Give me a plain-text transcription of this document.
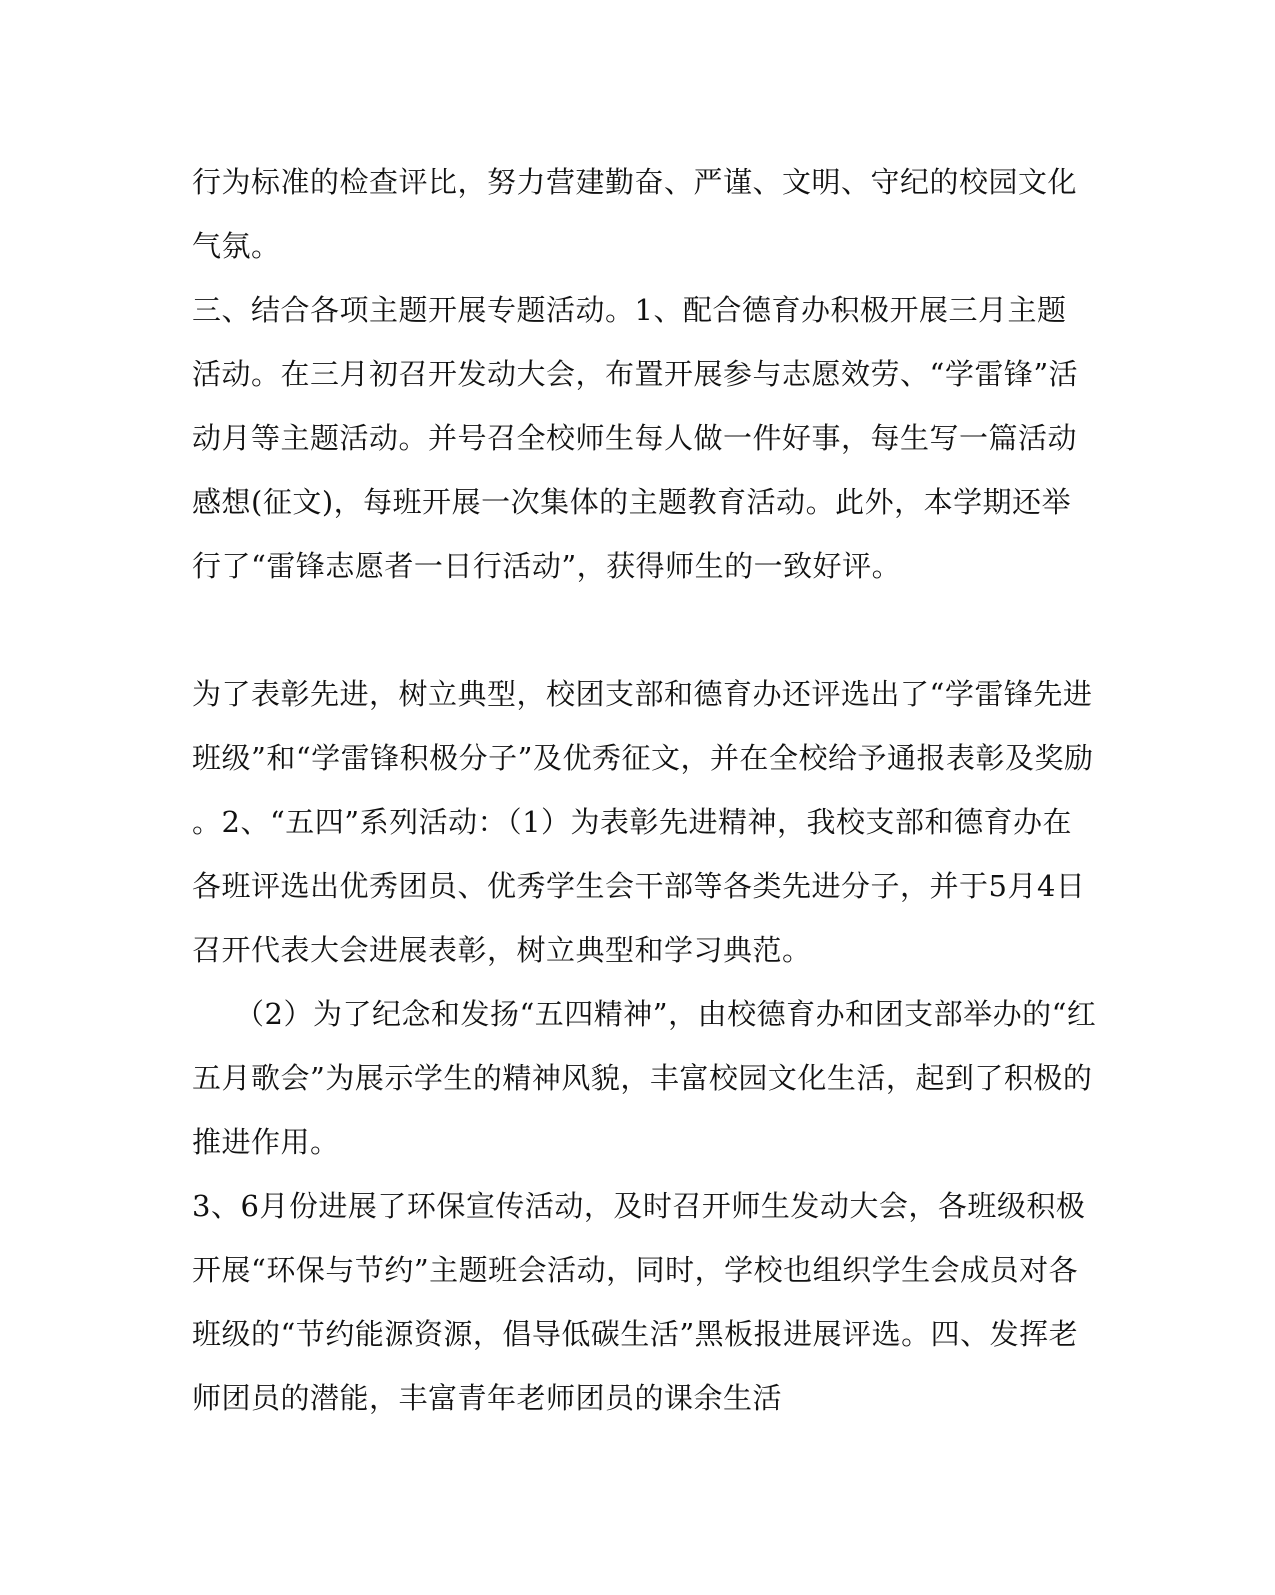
行为标准的检查评比，努力营建勤奋、严谨、文明、守纪的校园文化
气氛。
三、结合各项主题开展专题活动。1、配合德育办积极开展三月主题
活动。在三月初召开发动大会，布置开展参与志愿效劳、“学雷锋”活
动月等主题活动。并号召全校师生每人做一件好事，每生写一篇活动
感想(征文)，每班开展一次集体的主题教育活动。此外，本学期还举
行了“雷锋志愿者一日行活动”，获得师生的一致好评。
为了表彰先进，树立典型，校团支部和德育办还评选出了“学雷锋先进
班级”和“学雷锋积极分子”及优秀征文，并在全校给予通报表彰及奖励
。2、“五四”系列活动：（1）为表彰先进精神，我校支部和德育办在
各班评选出优秀团员、优秀学生会干部等各类先进分子，并于5月4日
召开代表大会进展表彰，树立典型和学习典范。
（2）为了纪念和发扬“五四精神”，由校德育办和团支部举办的“红
五月歌会”为展示学生的精神风貌，丰富校园文化生活，起到了积极的
推进作用。
3、6月份进展了环保宣传活动，及时召开师生发动大会，各班级积极
开展“环保与节约”主题班会活动，同时，学校也组织学生会成员对各
班级的“节约能源资源，倡导低碳生活”黑板报进展评选。四、发挥老
师团员的潜能，丰富青年老师团员的课余生活
